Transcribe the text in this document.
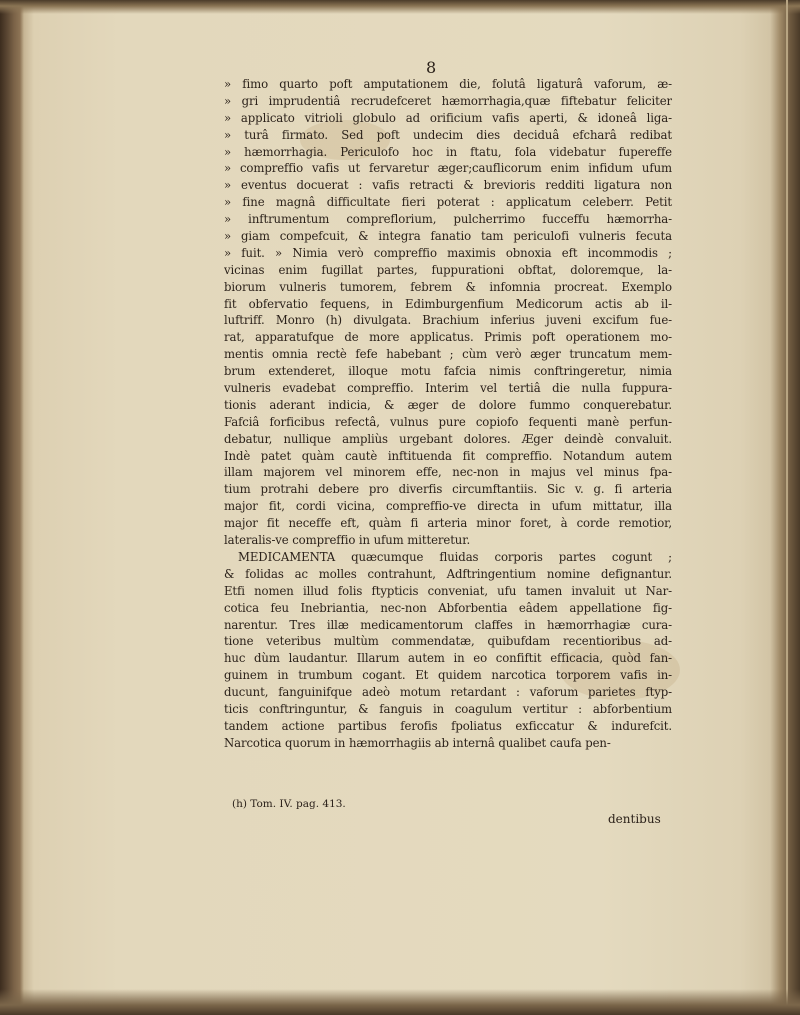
8
» fimo quarto poft amputationem die, folutâ ligaturâ vaforum, æ-
» gri imprudentiâ recrudefceret hæmorrhagia,quæ fiftebatur feliciter
» applicato vitrioli globulo ad orificium vafis aperti, & idoneâ liga-
» turâ firmato. Sed poft undecim dies deciduâ efcharâ redibat
» hæmorrhagia. Periculofo hoc in ftatu, fola videbatur fupereffe
» compreffio vafis ut fervaretur æger;cauflicorum enim infidum ufum
» eventus docuerat : vafis retracti & brevioris redditi ligatura non
» fine magnâ difficultate fieri poterat : applicatum celeberr. Petit
» inftrumentum compreflorium, pulcherrimo fucceffu hæmorrha-
» giam compefcuit, & integra fanatio tam periculofi vulneris fecuta
» fuit. » Nimia verò compreffio maximis obnoxia eft incommodis ;
vicinas enim fugillat partes, fuppurationi obftat, doloremque, la-
biorum vulneris tumorem, febrem & infomnia procreat. Exemplo
fit obfervatio fequens, in Edimburgenfium Medicorum actis ab il-
luftriff. Monro (h) divulgata. Brachium inferius juveni excifum fue-
rat, apparatufque de more applicatus. Primis poft operationem mo-
mentis omnia rectè fefe habebant ; cùm verò æger truncatum mem-
brum extenderet, illoque motu fafcia nimis conftringeretur, nimia
vulneris evadebat compreffio. Interim vel tertiâ die nulla fuppura-
tionis aderant indicia, & æger de dolore fummo conquerebatur.
Fafciâ forficibus refectâ, vulnus pure copiofo fequenti manè perfun-
debatur, nullique ampliùs urgebant dolores. Æger deindè convaluit.
Indè patet quàm cautè inftituenda fit compreffio. Notandum autem
illam majorem vel minorem effe, nec-non in majus vel minus fpa-
tium protrahi debere pro diverfis circumftantiis. Sic v. g. fi arteria
major fit, cordi vicina, compreffio-ve directa in ufum mittatur, illa
major fit neceffe eft, quàm fi arteria minor foret, à corde remotior,
lateralis-ve compreffio in ufum mitteretur.
MEDICAMENTA quæcumque fluidas corporis partes cogunt ;
& folidas ac molles contrahunt, Adftringentium nomine defignantur.
Etfi nomen illud folis ftypticis conveniat, ufu tamen invaluit ut Nar-
cotica feu Inebriantia, nec-non Abforbentia eâdem appellatione fig-
narentur. Tres illæ medicamentorum claffes in hæmorrhagiæ cura-
tione veteribus multùm commendatæ, quibufdam recentioribus ad-
huc dùm laudantur. Illarum autem in eo confiftit efficacia, quòd fan-
guinem in trumbum cogant. Et quidem narcotica torporem vafis in-
ducunt, fanguinifque adeò motum retardant : vaforum parietes ftyp-
ticis conftringuntur, & fanguis in coagulum vertitur : abforbentium
tandem actione partibus ferofis fpoliatus exficcatur & indurefcit.
Narcotica quorum in hæmorrhagiis ab internâ qualibet caufa pen-
(h) Tom. IV. pag. 413.
dentibus
